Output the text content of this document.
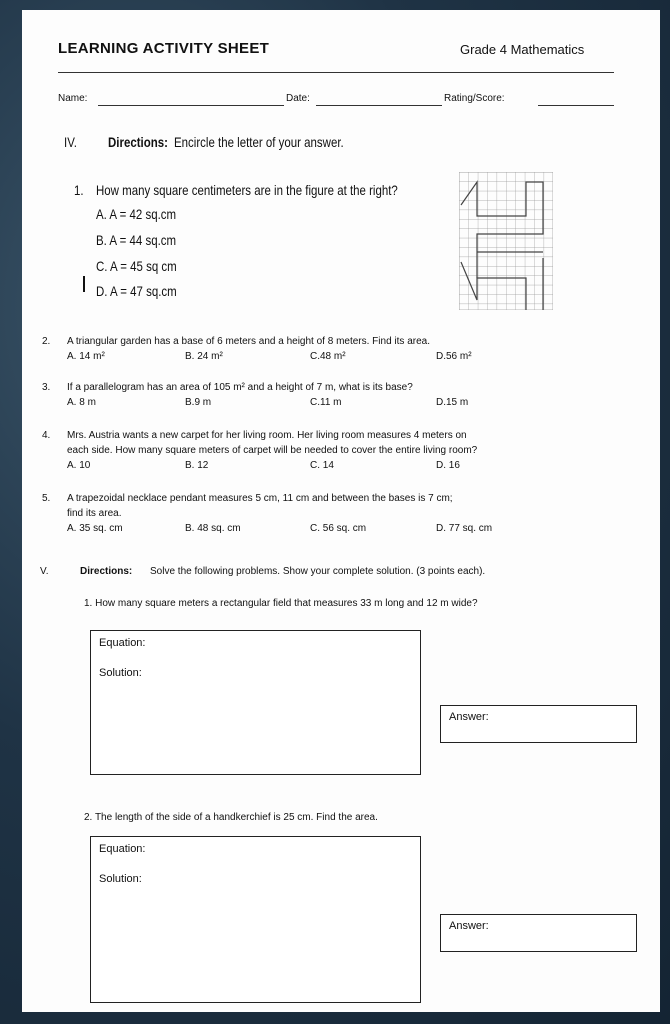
LEARNING ACTIVITY SHEET	Grade 4 Mathematics
Name:	Date:	Rating/Score:
IV. Directions: Encircle the letter of your answer.
1. How many square centimeters are in the figure at the right?
A. A = 42 sq.cm
B. A = 44 sq.cm
C. A = 45 sq cm
D. A = 47 sq.cm
2. A triangular garden has a base of 6 meters and a height of 8 meters. Find its area.
A. 14 m²	B. 24 m²	C.48 m²	D.56 m²
3. If a parallelogram has an area of 105 m² and a height of 7 m, what is its base?
A. 8 m	B.9 m	C.11 m	D.15 m
4. Mrs. Austria wants a new carpet for her living room. Her living room measures 4 meters on
each side. How many square meters of carpet will be needed to cover the entire living room?
A. 10	B. 12	C. 14	D. 16
5. A trapezoidal necklace pendant measures 5 cm, 11 cm and between the bases is 7 cm;
find its area.
A. 35 sq. cm	B. 48 sq. cm	C. 56 sq. cm	D. 77 sq. cm
V.	Directions: Solve the following problems. Show your complete solution. (3 points each).
1. How many square meters a rectangular field that measures 33 m long and 12 m wide?
Equation:
Solution:
Answer:
2. The length of the side of a handkerchief is 25 cm. Find the area.
Equation:
Solution:
Answer:
